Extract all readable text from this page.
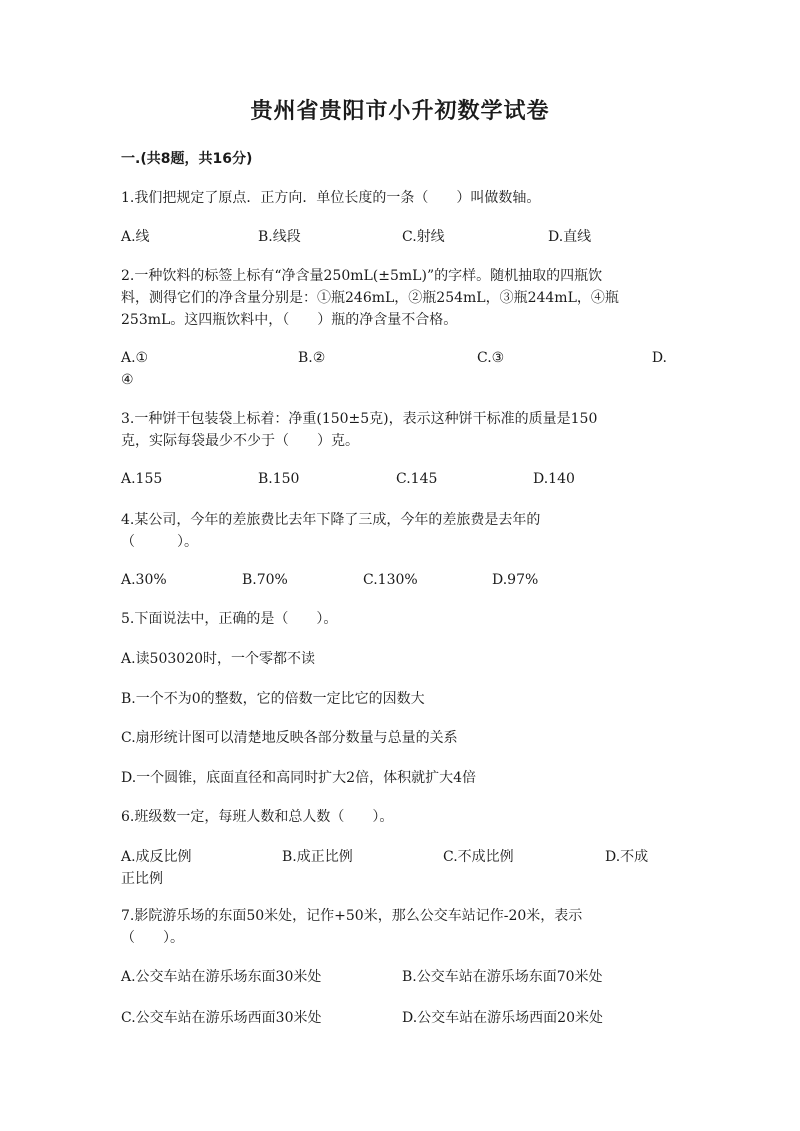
贵州省贵阳市小升初数学试卷
一.(共8题，共16分)
1.我们把规定了原点．正方向．单位长度的一条（　　）叫做数轴。
A.线	B.线段	C.射线	D.直线
2.一种饮料的标签上标有“净含量250mL(±5mL)”的字样。随机抽取的四瓶饮
料，测得它们的净含量分别是：①瓶246mL，②瓶254mL，③瓶244mL，④瓶
253mL。这四瓶饮料中，（　　）瓶的净含量不合格。
A.①	B.②	C.③	D.
④
3.一种饼干包装袋上标着：净重(150±5克)，表示这种饼干标准的质量是150
克，实际每袋最少不少于（　　）克。
A.155	B.150	C.145	D.140
4.某公司，今年的差旅费比去年下降了三成，今年的差旅费是去年的
（　　　）。
A.30%	B.70%	C.130%	D.97%
5.下面说法中，正确的是（　　）。
A.读503020时，一个零都不读
B.一个不为0的整数，它的倍数一定比它的因数大
C.扇形统计图可以清楚地反映各部分数量与总量的关系
D.一个圆锥，底面直径和高同时扩大2倍，体积就扩大4倍
6.班级数一定，每班人数和总人数（　　）。
A.成反比例	B.成正比例	C.不成比例	D.不成
正比例
7.影院游乐场的东面50米处，记作+50米，那么公交车站记作-20米，表示
（　　）。
A.公交车站在游乐场东面30米处	B.公交车站在游乐场东面70米处
C.公交车站在游乐场西面30米处	D.公交车站在游乐场西面20米处
